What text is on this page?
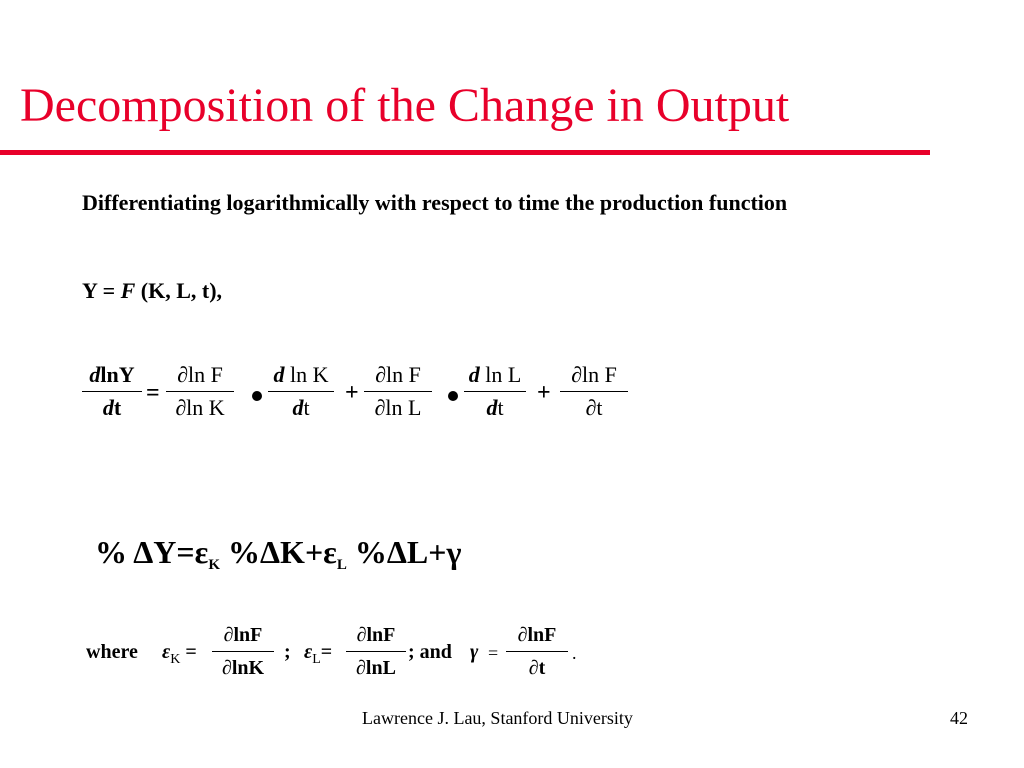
Decomposition of the Change in Output
Differentiating logarithmically with respect to time the production function
Y = F (K, L, t),
dlnY
dt
=
∂ln F
∂ln K
d ln K
dt
+
∂ln F
∂ln L
d ln L
dt
+
∂ln F
∂t
% $\Delta Y=\varepsilon_K$ $\%\Delta K+\varepsilon_L$ %ΔL+γ
where $\varepsilon_K$ =
∂lnF
∂lnK
; $\varepsilon_L=$
∂lnF
∂lnL
; and γ =
∂lnF
∂t
.
Lawrence J. Lau, Stanford University	42
